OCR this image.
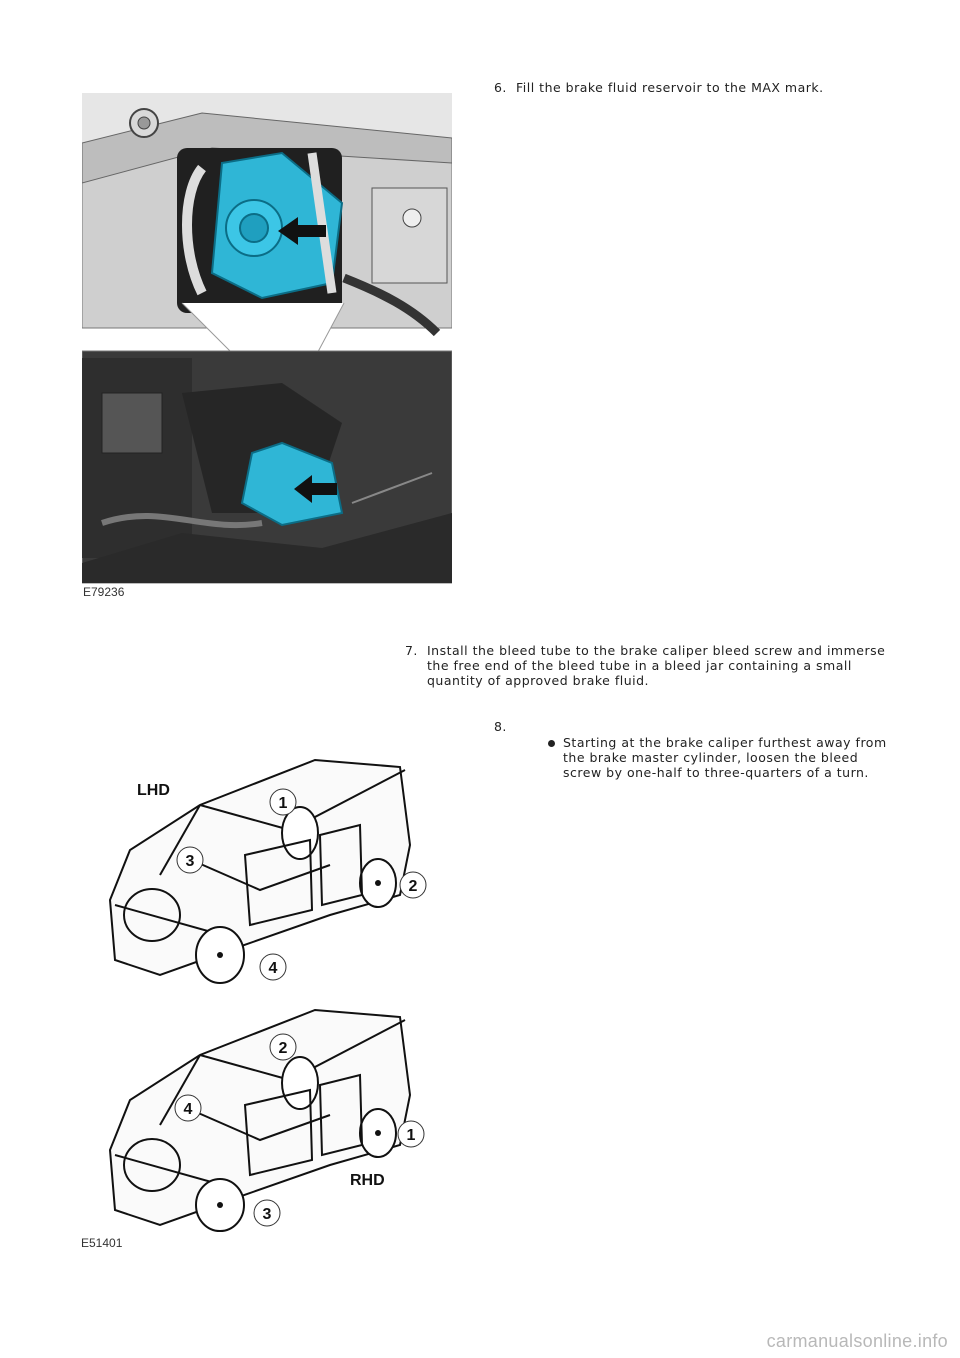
6. Fill the brake fluid reservoir to the MAX mark.
E79236
7. Install the bleed tube to the brake caliper bleed screw and immerse
the free end of the bleed tube in a bleed jar containing a small
quantity of approved brake fluid.
8.
Starting at the brake caliper furthest away from
the brake master cylinder, loosen the bleed
screw by one-half to three-quarters of a turn.
LHD
1
2
3
4
RHD
2
1
4
3
E51401
carmanualsonline.info
